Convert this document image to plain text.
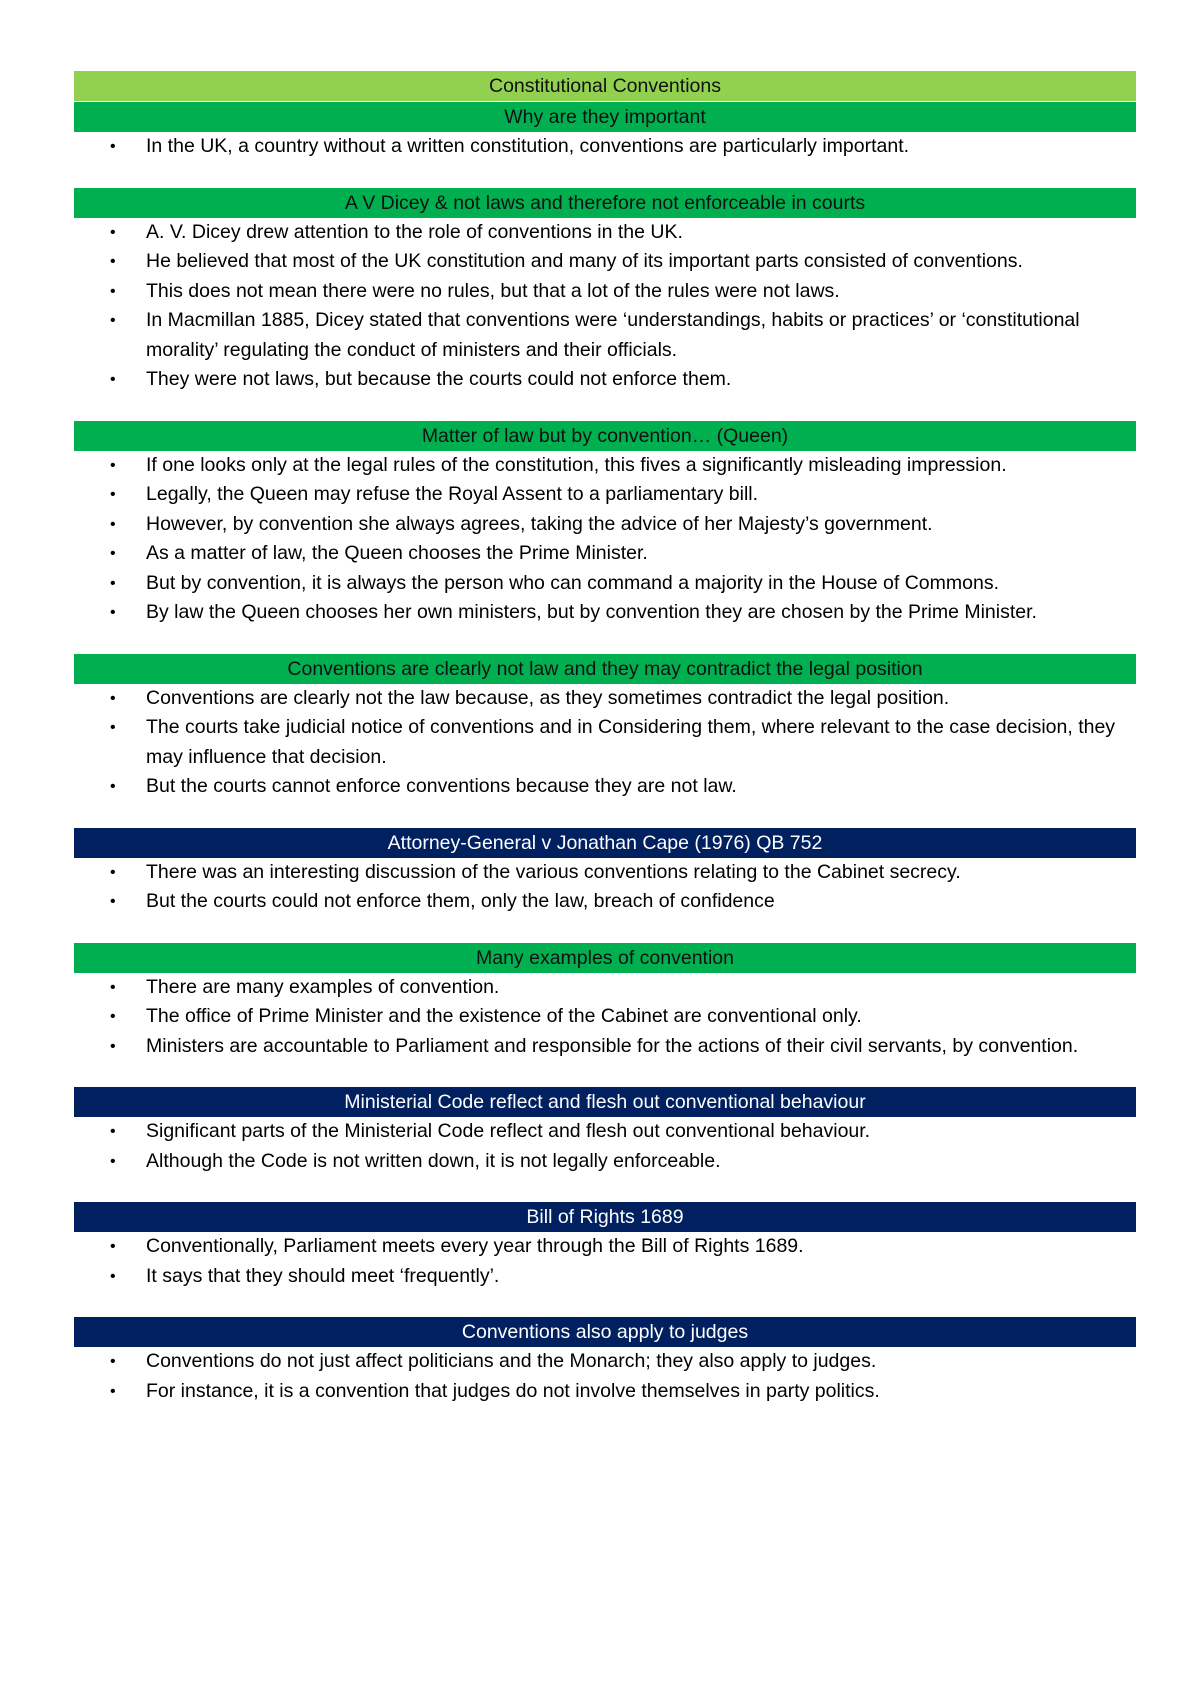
Constitutional Conventions
Why are they important
• In the UK, a country without a written constitution, conventions are particularly important.
A V Dicey & not laws and therefore not enforceable in courts
• A. V. Dicey drew attention to the role of conventions in the UK.
• He believed that most of the UK constitution and many of its important parts consisted of conventions.
• This does not mean there were no rules, but that a lot of the rules were not laws.
• In Macmillan 1885, Dicey stated that conventions were ‘understandings, habits or practices’ or ‘constitutional morality’ regulating the conduct of ministers and their officials.
• They were not laws, but because the courts could not enforce them.
Matter of law but by convention… (Queen)
• If one looks only at the legal rules of the constitution, this fives a significantly misleading impression.
• Legally, the Queen may refuse the Royal Assent to a parliamentary bill.
• However, by convention she always agrees, taking the advice of her Majesty’s government.
• As a matter of law, the Queen chooses the Prime Minister.
• But by convention, it is always the person who can command a majority in the House of Commons.
• By law the Queen chooses her own ministers, but by convention they are chosen by the Prime Minister.
Conventions are clearly not law and they may contradict the legal position
• Conventions are clearly not the law because, as they sometimes contradict the legal position.
• The courts take judicial notice of conventions and in Considering them, where relevant to the case decision, they may influence that decision.
• But the courts cannot enforce conventions because they are not law.
Attorney-General v Jonathan Cape (1976) QB 752
• There was an interesting discussion of the various conventions relating to the Cabinet secrecy.
• But the courts could not enforce them, only the law, breach of confidence
Many examples of convention
• There are many examples of convention.
• The office of Prime Minister and the existence of the Cabinet are conventional only.
• Ministers are accountable to Parliament and responsible for the actions of their civil servants, by convention.
Ministerial Code reflect and flesh out conventional behaviour
• Significant parts of the Ministerial Code reflect and flesh out conventional behaviour.
• Although the Code is not written down, it is not legally enforceable.
Bill of Rights 1689
• Conventionally, Parliament meets every year through the Bill of Rights 1689.
• It says that they should meet ‘frequently’.
Conventions also apply to judges
• Conventions do not just affect politicians and the Monarch; they also apply to judges.
• For instance, it is a convention that judges do not involve themselves in party politics.
